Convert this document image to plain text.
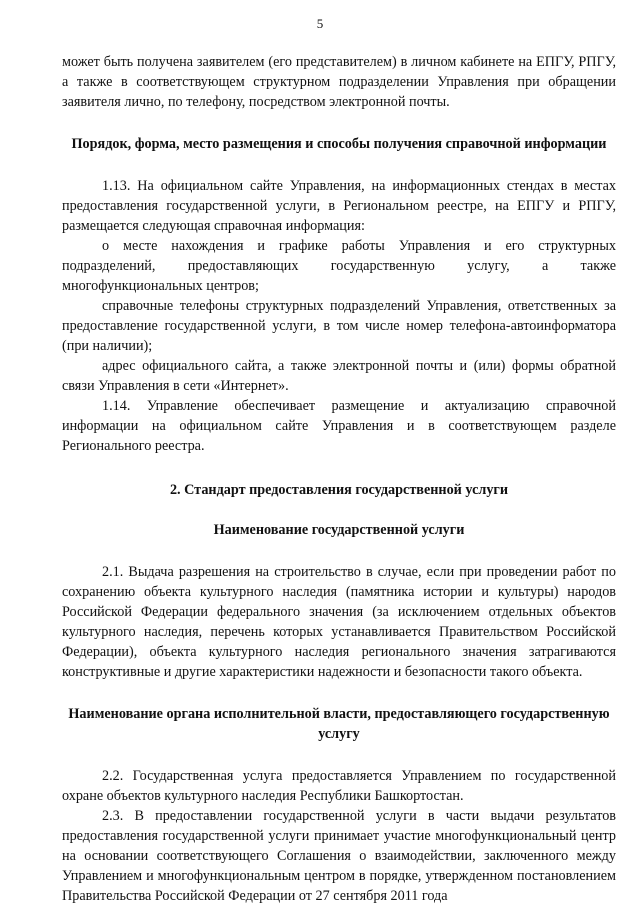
5

может быть получена заявителем (его представителем) в личном кабинете на ЕПГУ, РПГУ, а также в соответствующем структурном подразделении Управления при обращении заявителя лично, по телефону, посредством электронной почты.

Порядок, форма, место размещения и способы получения справочной информации

1.13. На официальном сайте Управления, на информационных стендах в местах предоставления государственной услуги, в Региональном реестре, на ЕПГУ и РПГУ, размещается следующая справочная информация:

о месте нахождения и графике работы Управления и его структурных подразделений, предоставляющих государственную услугу, а также многофункциональных центров;

справочные телефоны структурных подразделений Управления, ответственных за предоставление государственной услуги, в том числе номер телефона-автоинформатора (при наличии);

адрес официального сайта, а также электронной почты и (или) формы обратной связи Управления в сети «Интернет».

1.14. Управление обеспечивает размещение и актуализацию справочной информации на официальном сайте Управления и в соответствующем разделе Регионального реестра.

2. Стандарт предоставления государственной услуги
Наименование государственной услуги

2.1. Выдача разрешения на строительство в случае, если при проведении работ по сохранению объекта культурного наследия (памятника истории и культуры) народов Российской Федерации федерального значения (за исключением отдельных объектов культурного наследия, перечень которых устанавливается Правительством Российской Федерации), объекта культурного наследия регионального значения затрагиваются конструктивные и другие характеристики надежности и безопасности такого объекта.

Наименование органа исполнительной власти, предоставляющего государственную услугу

2.2. Государственная услуга предоставляется Управлением по государственной охране объектов культурного наследия Республики Башкортостан.

2.3. В предоставлении государственной услуги в части выдачи результатов предоставления государственной услуги принимает участие многофункциональный центр на основании соответствующего Соглашения о взаимодействии, заключенного между Управлением и многофункциональным центром в порядке, утвержденном постановлением Правительства Российской Федерации от 27 сентября 2011 года
